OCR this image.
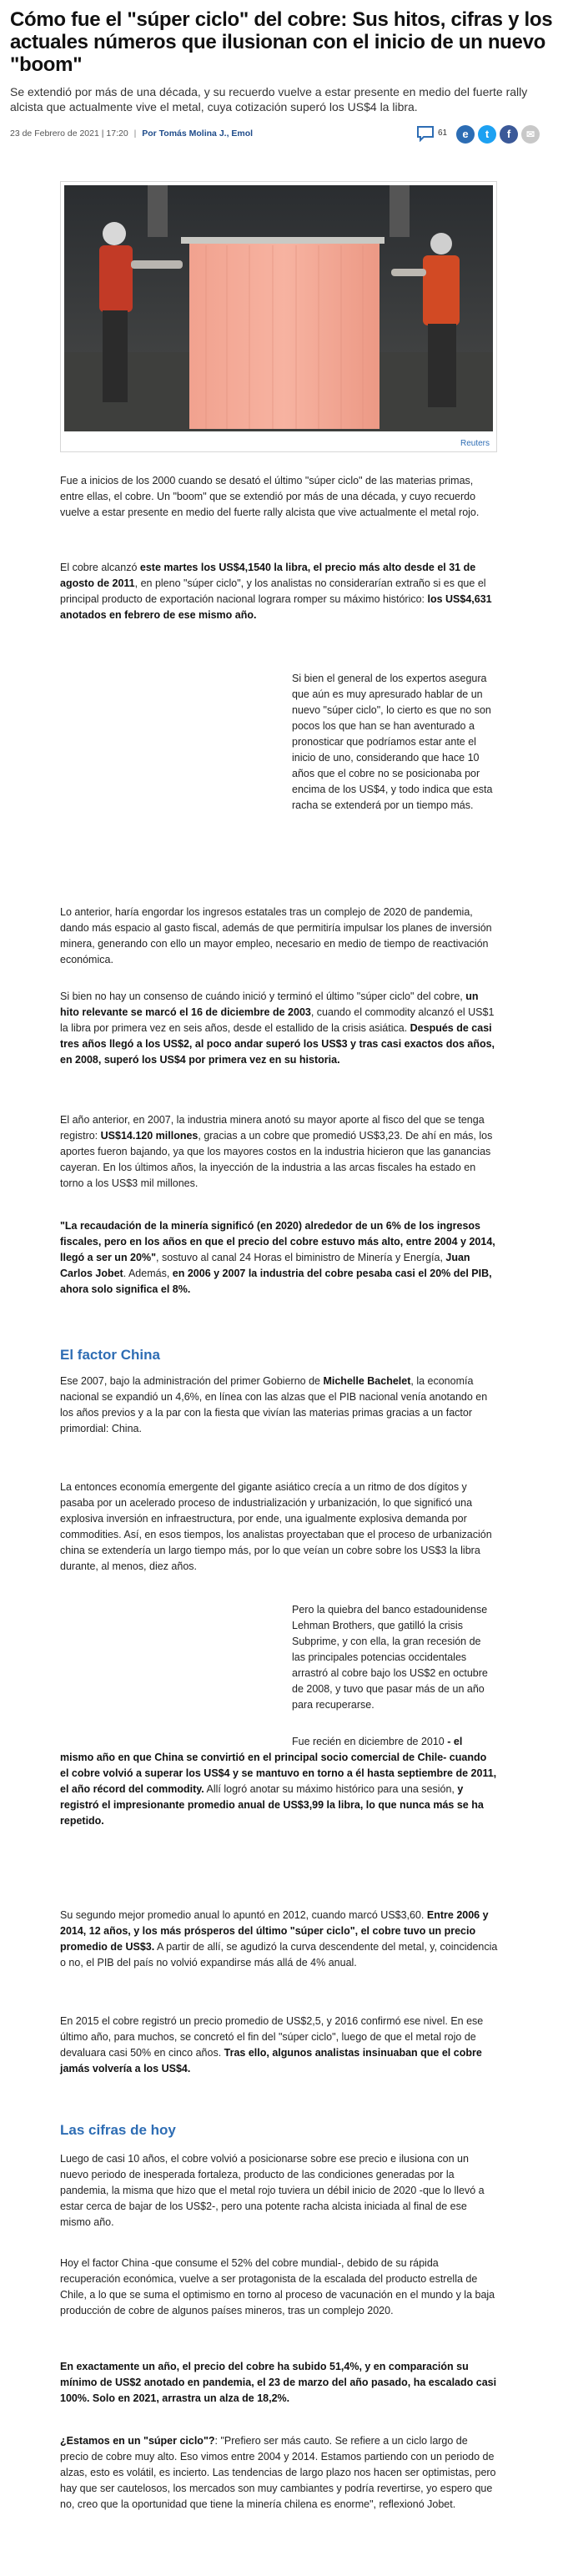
Cómo fue el "súper ciclo" del cobre: Sus hitos, cifras y los actuales números que ilusionan con el inicio de un nuevo "boom"

Se extendió por más de una década, y su recuerdo vuelve a estar presente en medio del fuerte rally alcista que actualmente vive el metal, cuya cotización superó los US$4 la libra.

23 de Febrero de 2021 | 17:20 | Por Tomás Molina J., Emol	61	e	t	f	✉
Reuters

Fue a inicios de los 2000 cuando se desató el último "súper ciclo" de las materias primas, entre ellas, el cobre. Un "boom" que se extendió por más de una década, y cuyo recuerdo vuelve a estar presente en medio del fuerte rally alcista que vive actualmente el metal rojo.

El cobre alcanzó este martes los US$4,1540 la libra, el precio más alto desde el 31 de agosto de 2011, en pleno "súper ciclo", y los analistas no considerarían extraño si es que el principal producto de exportación nacional lograra romper su máximo histórico: los US$4,631 anotados en febrero de ese mismo año.

Si bien el general de los expertos asegura que aún es muy apresurado hablar de un nuevo "súper ciclo", lo cierto es que no son pocos los que han se han aventurado a pronosticar que podríamos estar ante el inicio de uno, considerando que hace 10 años que el cobre no se posicionaba por encima de los US$4, y todo indica que esta racha se extenderá por un tiempo más.

Lo anterior, haría engordar los ingresos estatales tras un complejo de 2020 de pandemia, dando más espacio al gasto fiscal, además de que permitiría impulsar los planes de inversión minera, generando con ello un mayor empleo, necesario en medio de tiempo de reactivación económica.

Si bien no hay un consenso de cuándo inició y terminó el último "súper ciclo" del cobre, un hito relevante se marcó el 16 de diciembre de 2003, cuando el commodity alcanzó el US$1 la libra por primera vez en seis años, desde el estallido de la crisis asiática. Después de casi tres años llegó a los US$2, al poco andar superó los US$3 y tras casi exactos dos años, en 2008, superó los US$4 por primera vez en su historia.

El año anterior, en 2007, la industria minera anotó su mayor aporte al fisco del que se tenga registro: US$14.120 millones, gracias a un cobre que promedió US$3,23. De ahí en más, los aportes fueron bajando, ya que los mayores costos en la industria hicieron que las ganancias cayeran. En los últimos años, la inyección de la industria a las arcas fiscales ha estado en torno a los US$3 mil millones.

"La recaudación de la minería significó (en 2020) alrededor de un 6% de los ingresos fiscales, pero en los años en que el precio del cobre estuvo más alto, entre 2004 y 2014, llegó a ser un 20%", sostuvo al canal 24 Horas el biministro de Minería y Energía, Juan Carlos Jobet. Además, en 2006 y 2007 la industria del cobre pesaba casi el 20% del PIB, ahora solo significa el 8%.

El factor China

Ese 2007, bajo la administración del primer Gobierno de Michelle Bachelet, la economía nacional se expandió un 4,6%, en línea con las alzas que el PIB nacional venía anotando en los años previos y a la par con la fiesta que vivían las materias primas gracias a un factor primordial: China.

La entonces economía emergente del gigante asiático crecía a un ritmo de dos dígitos y pasaba por un acelerado proceso de industrialización y urbanización, lo que significó una explosiva inversión en infraestructura, por ende, una igualmente explosiva demanda por commodities. Así, en esos tiempos, los analistas proyectaban que el proceso de urbanización china se extendería un largo tiempo más, por lo que veían un cobre sobre los US$3 la libra durante, al menos, diez años.

Pero la quiebra del banco estadounidense Lehman Brothers, que gatilló la crisis Subprime, y con ella, la gran recesión de las principales potencias occidentales arrastró al cobre bajo los US$2 en octubre de 2008, y tuvo que pasar más de un año para recuperarse.

Fue recién en diciembre de 2010 - el mismo año en que China se convirtió en el principal socio comercial de Chile- cuando el cobre volvió a superar los US$4 y se mantuvo en torno a él hasta septiembre de 2011, el año récord del commodity. Allí logró anotar su máximo histórico para una sesión, y registró el impresionante promedio anual de US$3,99 la libra, lo que nunca más se ha repetido.

Su segundo mejor promedio anual lo apuntó en 2012, cuando marcó US$3,60. Entre 2006 y 2014, 12 años, y los más prósperos del último "súper ciclo", el cobre tuvo un precio promedio de US$3. A partir de allí, se agudizó la curva descendente del metal, y, coincidencia o no, el PIB del país no volvió expandirse más allá de 4% anual.

En 2015 el cobre registró un precio promedio de US$2,5, y 2016 confirmó ese nivel. En ese último año, para muchos, se concretó el fin del "súper ciclo", luego de que el metal rojo de devaluara casi 50% en cinco años. Tras ello, algunos analistas insinuaban que el cobre jamás volvería a los US$4.

Las cifras de hoy

Luego de casi 10 años, el cobre volvió a posicionarse sobre ese precio e ilusiona con un nuevo periodo de inesperada fortaleza, producto de las condiciones generadas por la pandemia, la misma que hizo que el metal rojo tuviera un débil inicio de 2020 -que lo llevó a estar cerca de bajar de los US$2-, pero una potente racha alcista iniciada al final de ese mismo año.

Hoy el factor China -que consume el 52% del cobre mundial-, debido de su rápida recuperación económica, vuelve a ser protagonista de la escalada del producto estrella de Chile, a lo que se suma el optimismo en torno al proceso de vacunación en el mundo y la baja producción de cobre de algunos países mineros, tras un complejo 2020.

En exactamente un año, el precio del cobre ha subido 51,4%, y en comparación su mínimo de US$2 anotado en pandemia, el 23 de marzo del año pasado, ha escalado casi 100%. Solo en 2021, arrastra un alza de 18,2%.

¿Estamos en un "súper ciclo"?: "Prefiero ser más cauto. Se refiere a un ciclo largo de precio de cobre muy alto. Eso vimos entre 2004 y 2014. Estamos partiendo con un periodo de alzas, esto es volátil, es incierto. Las tendencias de largo plazo nos hacen ser optimistas, pero hay que ser cautelosos, los mercados son muy cambiantes y podría revertirse, yo espero que no, creo que la oportunidad que tiene la minería chilena es enorme", reflexionó Jobet.
